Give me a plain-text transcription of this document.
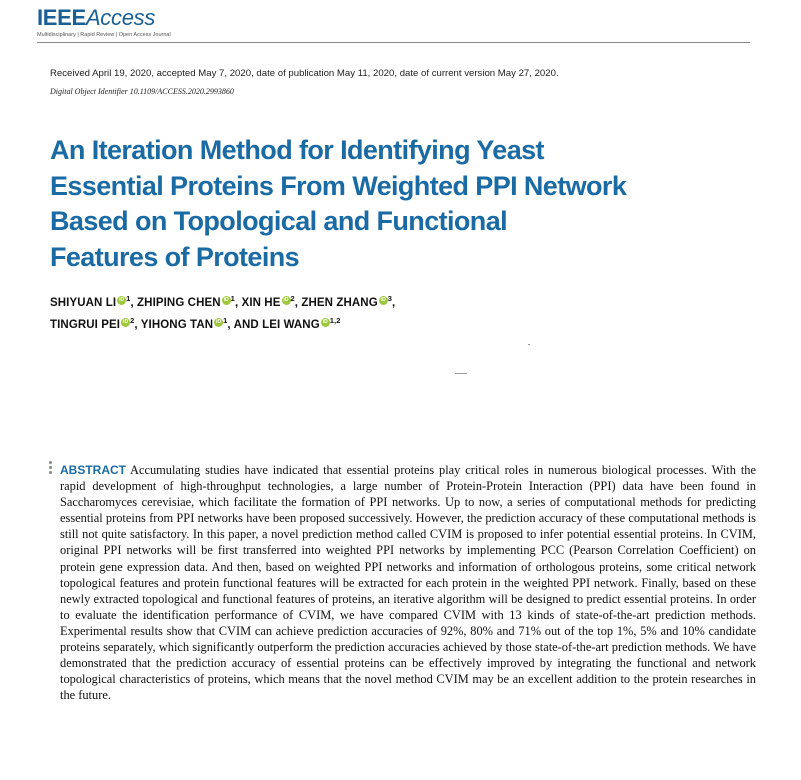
IEEEAccess
Multidisciplinary | Rapid Review | Open Access Journal
Received April 19, 2020, accepted May 7, 2020, date of publication May 11, 2020, date of current version May 27, 2020.
Digital Object Identifier 10.1109/ACCESS.2020.2993860
An Iteration Method for Identifying Yeast
Essential Proteins From Weighted PPI Network
Based on Topological and Functional
Features of Proteins
SHIYUAN LI iD $^1$, ZHIPING CHEN iD $^1$, XIN HE iD $^2$, ZHEN ZHANG iD $^3$,
TINGRUI PEI iD $^2$, YIHONG TAN iD $^1$, AND LEI WANG iD $^{1,2}$

ABSTRACT Accumulating studies have indicated that essential proteins play critical roles in numerous biological processes. With the rapid development of high-throughput technologies, a large number of Protein-Protein Interaction (PPI) data have been found in Saccharomyces cerevisiae, which facilitate the formation of PPI networks. Up to now, a series of computational methods for predicting essential proteins from PPI networks have been proposed successively. However, the prediction accuracy of these computational methods is still not quite satisfactory. In this paper, a novel prediction method called CVIM is proposed to infer potential essential proteins. In CVIM, original PPI networks will be first transferred into weighted PPI networks by implementing PCC (Pearson Correlation Coefficient) on protein gene expression data. And then, based on weighted PPI networks and information of orthologous proteins, some critical network topological features and protein functional features will be extracted for each protein in the weighted PPI network. Finally, based on these newly extracted topological and functional features of proteins, an iterative algorithm will be designed to predict essential proteins. In order to evaluate the identification performance of CVIM, we have compared CVIM with 13 kinds of state-of-the-art prediction methods. Experimental results show that CVIM can achieve prediction accuracies of 92%, 80% and 71% out of the top 1%, 5% and 10% candidate proteins separately, which significantly outperform the prediction accuracies achieved by those state-of-the-art prediction methods. We have demonstrated that the prediction accuracy of essential proteins can be effectively improved by integrating the functional and network topological characteristics of proteins, which means that the novel method CVIM may be an excellent addition to the protein researches in the future.
